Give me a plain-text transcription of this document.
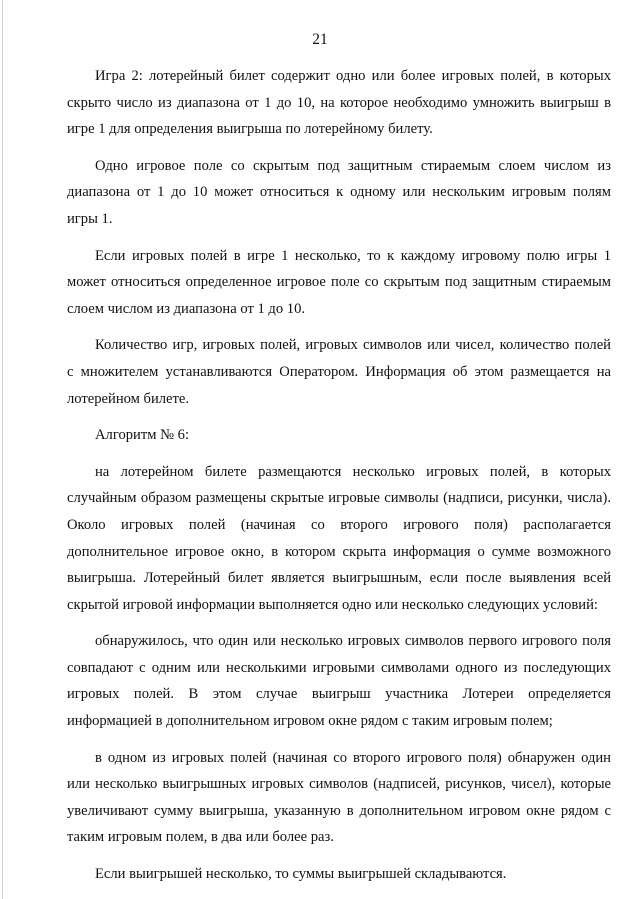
21
Игра 2: лотерейный билет содержит одно или более игровых полей, в которых
скрыто число из диапазона от 1 до 10, на которое необходимо умножить выигрыш в
игре 1 для определения выигрыша по лотерейному билету.
Одно игровое поле со скрытым под защитным стираемым слоем числом из
диапазона от 1 до 10 может относиться к одному или нескольким игровым полям
игры 1.
Если игровых полей в игре 1 несколько, то к каждому игровому полю игры 1
может относиться определенное игровое поле со скрытым под защитным стираемым
слоем числом из диапазона от 1 до 10.
Количество игр, игровых полей, игровых символов или чисел, количество полей
с множителем устанавливаются Оператором. Информация об этом размещается на
лотерейном билете.
Алгоритм № 6:
на лотерейном билете размещаются несколько игровых полей, в которых
случайным образом размещены скрытые игровые символы (надписи, рисунки, числа).
Около игровых полей (начиная со второго игрового поля) располагается
дополнительное игровое окно, в котором скрыта информация о сумме возможного
выигрыша. Лотерейный билет является выигрышным, если после выявления всей
скрытой игровой информации выполняется одно или несколько следующих условий:
обнаружилось, что один или несколько игровых символов первого игрового поля
совпадают с одним или несколькими игровыми символами одного из последующих
игровых полей. В этом случае выигрыш участника Лотереи определяется
информацией в дополнительном игровом окне рядом с таким игровым полем;
в одном из игровых полей (начиная со второго игрового поля) обнаружен один
или несколько выигрышных игровых символов (надписей, рисунков, чисел), которые
увеличивают сумму выигрыша, указанную в дополнительном игровом окне рядом с
таким игровым полем, в два или более раз.
Если выигрышей несколько, то суммы выигрышей складываются.
